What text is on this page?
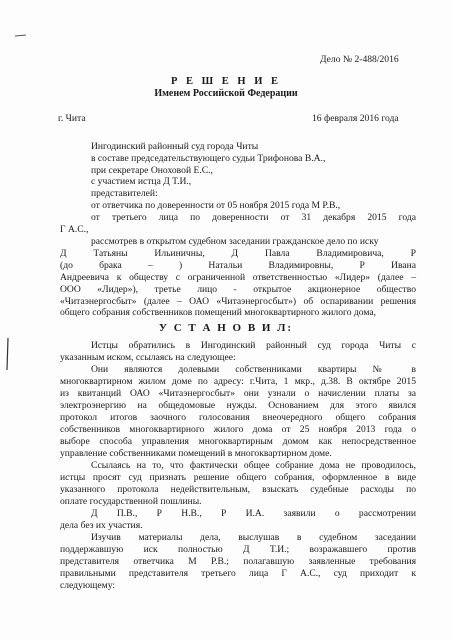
Дело № 2-488/2016
Р Е Ш Е Н И Е
Именем Российской Федерации
г. Чита	16 февраля 2016 года
Ингодинский районный суд города Читы
в составе председательствующего судьи Трифонова В.А.,
при секретаре Оноховой Е.С.,
с участием истца Д Т.И.,
представителей:
от ответчика по доверенности от 05 ноября 2015 года М Р.В.,
от третьего лица по доверенности от 31 декабря 2015 года
Г А.С.,
рассмотрев в открытом судебном заседании гражданское дело по иску
Д Татьяны Ильиничны, Д Павла Владимировича, Р
(до брака – ) Натальи Владимировны, Р Ивана
Андреевича к обществу с ограниченной ответственностью «Лидер» (далее –
ООО «Лидер»), третье лицо - открытое акционерное общество
«Читаэнергосбыт» (далее – ОАО «Читаэнергосбыт») об оспаривании решения
общего собрания собственников помещений многоквартирного жилого дома,
У С Т А Н О В И Л:
Истцы обратились в Ингодинский районный суд города Читы с
указанным иском, ссылаясь на следующее:
Они являются долевыми собственниками квартиры № в
многоквартирном жилом доме по адресу: г.Чита, 1 мкр., д.38. В октябре 2015
из квитанций ОАО «Читаэнергосбыт» они узнали о начислении платы за
электроэнергию на общедомовые нужды. Основанием для этого явился
протокол итогов заочного голосования внеочередного общего собрания
собственников многоквартирного жилого дома от 25 ноября 2013 года о
выборе способа управления многоквартирным домом как непосредственное
управление собственниками помещений в многоквартирном доме.
Ссылаясь на то, что фактически общее собрание дома не проводилось,
истцы просят суд признать решение общего собрания, оформленное в виде
указанного протокола недействительным, взыскать судебные расходы по
оплате государственной пошлины.
Д П.В., Р Н.В., Р И.А. заявили о рассмотрении
дела без их участия.
Изучив материалы дела, выслушав в судебном заседании
поддержавшую иск полностью Д Т.И.; возражавшего против
представителя ответчика М Р.В.; полагавшую заявленные требования
правильными представителя третьего лица Г А.С., суд приходит к
следующему:
